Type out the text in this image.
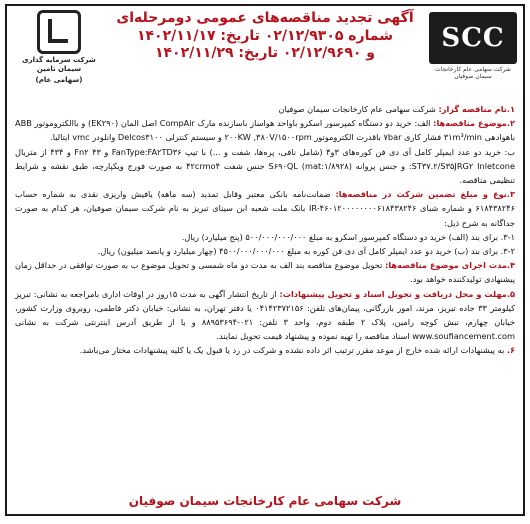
SCC
شرکت سهامی عام کارخانجات سیمان صوفیان
آگهی تجدید مناقصه‌های عمومی دومرحله‌ای
شماره ۰۲/۱۲/۹۳۰۵ تاریخ: ۱۴۰۲/۱۱/۱۷
و ۰۲/۱۲/۹۶۹۰ تاریخ: ۱۴۰۲/۱۱/۲۹
شرکت سرمایه گذاری سیمان تامین
(سهامی عام)

۱.نام مناقصه گزار: شرکت سهامی عام کارخانجات سیمان صوفیان

۲.موضوع مناقصه‌ها: الف: خرید دو دستگاه کمپرسور اسکرو باواحد هواساز باسازنده مارک CompAir اصل المان (EK۲۹۰) و باالکتروموتور ABB باهوادهی ۳۱m³/min فشار کاری ۷bar باقدرت الکتروموتور ۲۰۰KW ,۳۸۰V/۱۵۰۰rpm و سیستم کنترلی Delcos۳۱۰۰ وانلودر vmc ایتالیا.

ب: خرید دو عدد ایمپلر کامل آی دی فن کوره‌های ۳و۴ (شامل نافی، پره‌ها، شفت و ...) با تیپ FanType:FA۲TD۳۶ و ۴۳ Fn۲ و ۴۳۴ از متریال ST۳۷.۲/S۳۵JRG۲ Inletcone: و جنس پروانه S۶۹۰QL (mat:۱/۸۹۲۸) جنس شفت ۴۲crmo۴ به صورت فورج ویکپارچه، طبق نقشه و شرایط تنظیمی مناقصه.

۳.نوع و مبلغ تضمین شرکت در مناقصه‌ها: ضمانت‌نامه بانکی معتبر وقابل تمدید (سه ماهه) یافیش واریزی نقدی به شماره حساب ۶۱۸۴۳۸۲۴۶ و شماره شبای IR-۴۶۰۱۲۰۰۰۰۰۰۰۰۶۱۸۴۳۸۲۴۶ بانک ملت شعبه ابن سینای تبریز به نام شرکت سیمان صوفیان، هر کدام به صورت جداگانه به شرح ذیل:

۳-۱. برای بند (الف) خرید دو دستگاه کمپرسور اسکرو به مبلغ ۵۰۰/۰۰۰/۰۰۰/۰۰۰ (پنج میلیارد) ریال.

۳-۲. برای بند (ب) خرید دو عدد ایمپلر کامل آی دی فن کوره به مبلغ ۴۵۰۰/۰۰۰/۰۰۰/۰۰۰ (چهار میلیارد و پانصد میلیون) ریال.

۴.مدت اجرای موضوع مناقصه‌ها: تحویل موضوع مناقصه بند الف به مدت دو ماه شمسی و تحویل موضوع ب به صورت توافقی در حداقل زمان پیشنهادی تولیدکننده خواهد بود.

۵.مهلت و محل دریافت و تحویل اسناد و تحویل پیشنهادات: از تاریخ انتشار آگهی به مدت ۱۵روز در اوقات اداری بامراجعه به نشانی: تبریز کیلومتر ۳۳ جاده تبریز، مرند، امور بازرگانی، پیمان‌های تلفن: ۰۴۱۴۲۳۷۲۱۵۶ یا دفتر تهران، به نشانی: خیابان دکتر فاطمی، روبروی وزارت کشور، خیابان چهارم، نبش کوچه رامین، پلاک ۲ طبقه دوم، واحد ۳ تلفن: ۰۲۱-۸۸۹۵۳۶۹۴ و یا از طریق آدرس اینترنتی شرکت به نشانی www.soufiancement.com اسناد مناقصه را تهیه نموده و پیشنهاد قیمت تحویل نمایند.

۶. به پیشنهادات ارائه شده خارج از موعد مقرر ترتیب اثر داده نشده و شرکت در رد یا قبول یک یا کلیه پیشنهادات مختار می‌باشد.

شرکت سهامی عام کارخانجات سیمان صوفیان
